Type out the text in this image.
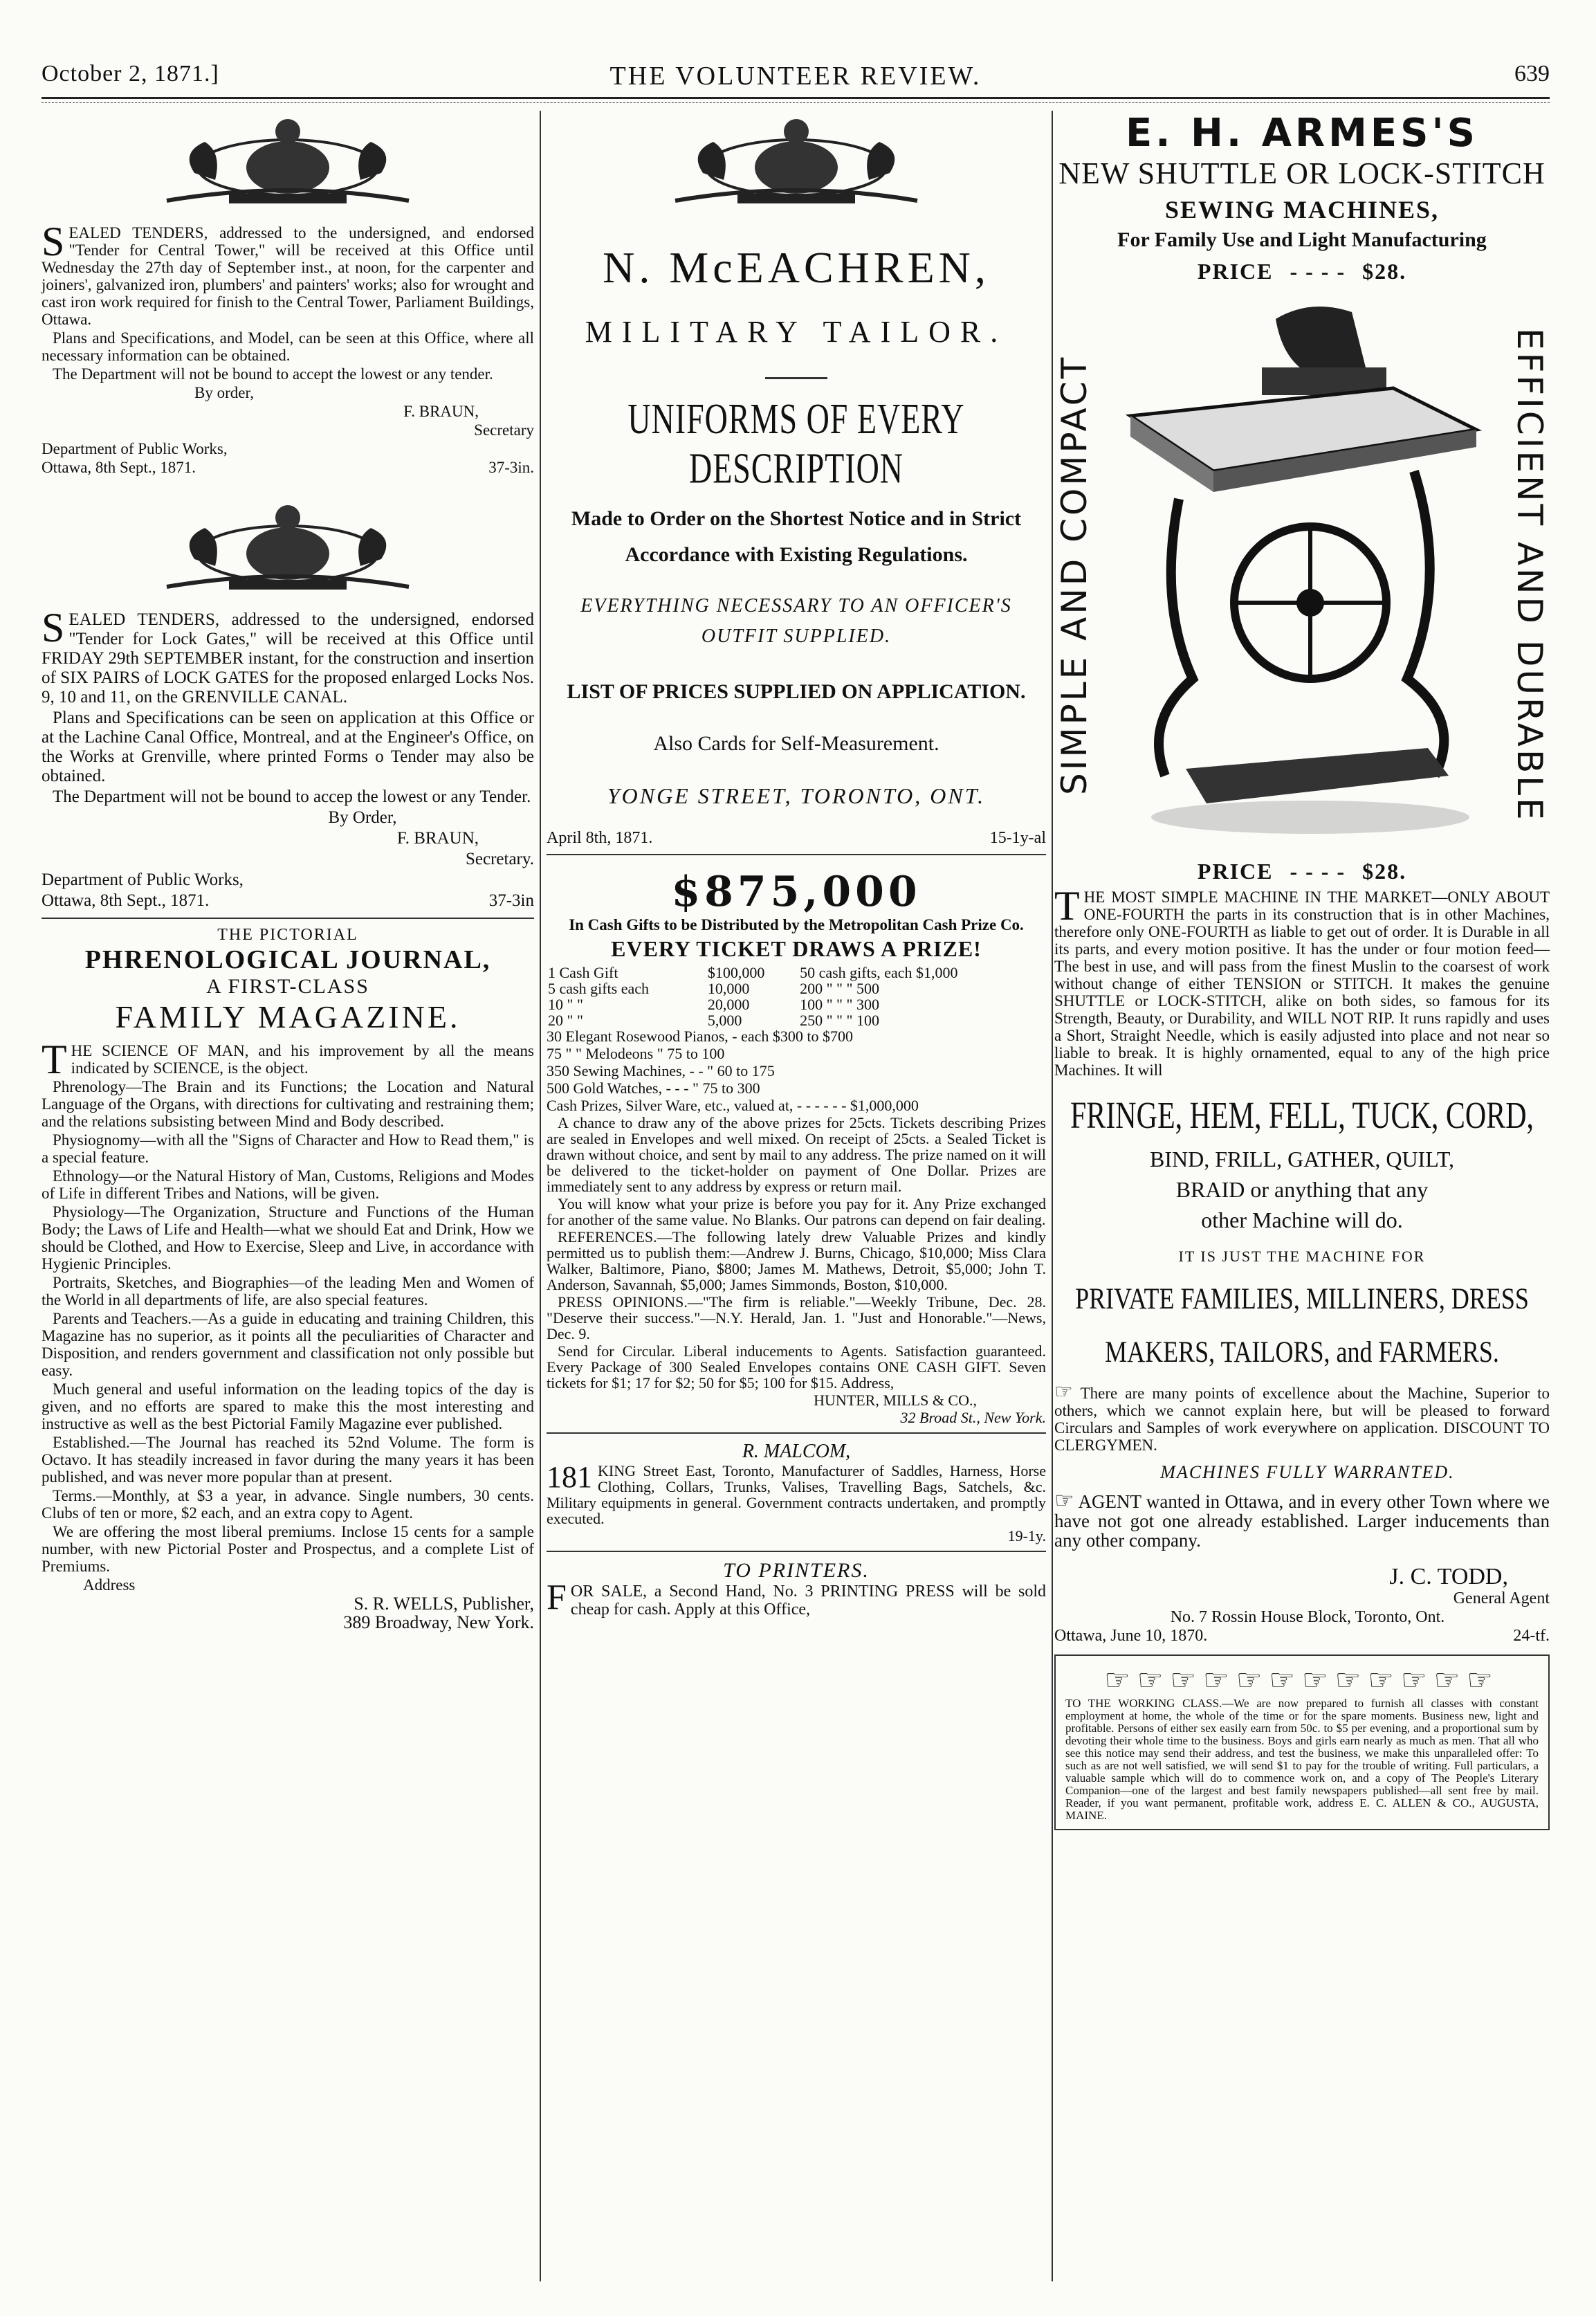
October 2, 1871.]	THE VOLUNTEER REVIEW.	639

SEALED TENDERS, addressed to the undersigned, and endorsed "Tender for Central Tower," will be received at this Office until Wednesday the 27th day of September inst., at noon, for the carpenter and joiners', galvanized iron, plumbers' and painters' works; also for wrought and cast iron work required for finish to the Central Tower, Parliament Buildings, Ottawa.

Plans and Specifications, and Model, can be seen at this Office, where all necessary information can be obtained.

The Department will not be bound to accept the lowest or any tender.

By order,

F. BRAUN,

Secretary

Department of Public Works,

Ottawa, 8th Sept., 1871.	37-3in.

SEALED TENDERS, addressed to the undersigned, endorsed "Tender for Lock Gates," will be received at this Office until FRIDAY 29th SEPTEMBER instant, for the construction and insertion of SIX PAIRS of LOCK GATES for the proposed enlarged Locks Nos. 9, 10 and 11, on the GRENVILLE CANAL.

Plans and Specifications can be seen on application at this Office or at the Lachine Canal Office, Montreal, and at the Engineer's Office, on the Works at Grenville, where printed Forms o Tender may also be obtained.

The Department will not be bound to accep the lowest or any Tender.

By Order,

F. BRAUN,

Secretary.

Department of Public Works,

Ottawa, 8th Sept., 1871.	37-3in

THE PICTORIAL

PHRENOLOGICAL JOURNAL,

A FIRST-CLASS

FAMILY MAGAZINE.

THE SCIENCE OF MAN, and his improvement by all the means indicated by SCIENCE, is the object.

Phrenology—The Brain and its Functions; the Location and Natural Language of the Organs, with directions for cultivating and restraining them; and the relations subsisting between Mind and Body described.

Physiognomy—with all the "Signs of Character and How to Read them," is a special feature.

Ethnology—or the Natural History of Man, Customs, Religions and Modes of Life in different Tribes and Nations, will be given.

Physiology—The Organization, Structure and Functions of the Human Body; the Laws of Life and Health—what we should Eat and Drink, How we should be Clothed, and How to Exercise, Sleep and Live, in accordance with Hygienic Principles.

Portraits, Sketches, and Biographies—of the leading Men and Women of the World in all departments of life, are also special features.

Parents and Teachers.—As a guide in educating and training Children, this Magazine has no superior, as it points all the peculiarities of Character and Disposition, and renders government and classification not only possible but easy.

Much general and useful information on the leading topics of the day is given, and no efforts are spared to make this the most interesting and instructive as well as the best Pictorial Family Magazine ever published.

Established.—The Journal has reached its 52nd Volume. The form is Octavo. It has steadily increased in favor during the many years it has been published, and was never more popular than at present.

Terms.—Monthly, at $3 a year, in advance. Single numbers, 30 cents. Clubs of ten or more, $2 each, and an extra copy to Agent.

We are offering the most liberal premiums. Inclose 15 cents for a sample number, with new Pictorial Poster and Prospectus, and a complete List of Premiums.

Address

S. R. WELLS, Publisher,

389 Broadway, New York.

N. McEACHREN,
MILITARY TAILOR.
UNIFORMS OF EVERY DESCRIPTION
Made to Order on the Shortest Notice and in Strict Accordance with Existing Regulations.
EVERYTHING NECESSARY TO AN OFFICER'S OUTFIT SUPPLIED.
LIST OF PRICES SUPPLIED ON APPLICATION.
Also Cards for Self-Measurement.
YONGE STREET, TORONTO, ONT.
April 8th, 1871.	15-1y-al
$875,000
In Cash Gifts to be Distributed by the Metropolitan Cash Prize Co.
EVERY TICKET DRAWS A PRIZE!
1 Cash Gift	$100,000	50 cash gifts, each $1,000
5 cash gifts each	10,000	200 " " " 500
10 " "	20,000	100 " " " 300
20 " "	5,000	250 " " " 100

30 Elegant Rosewood Pianos, - each $300 to $700

75 " " Melodeons " 75 to 100

350 Sewing Machines, - - " 60 to 175

500 Gold Watches, - - - " 75 to 300

Cash Prizes, Silver Ware, etc., valued at, - - - - - - $1,000,000

A chance to draw any of the above prizes for 25cts. Tickets describing Prizes are sealed in Envelopes and well mixed. On receipt of 25cts. a Sealed Ticket is drawn without choice, and sent by mail to any address. The prize named on it will be delivered to the ticket-holder on payment of One Dollar. Prizes are immediately sent to any address by express or return mail.

You will know what your prize is before you pay for it. Any Prize exchanged for another of the same value. No Blanks. Our patrons can depend on fair dealing.

REFERENCES.—The following lately drew Valuable Prizes and kindly permitted us to publish them:—Andrew J. Burns, Chicago, $10,000; Miss Clara Walker, Baltimore, Piano, $800; James M. Mathews, Detroit, $5,000; John T. Anderson, Savannah, $5,000; James Simmonds, Boston, $10,000.

PRESS OPINIONS.—"The firm is reliable."—Weekly Tribune, Dec. 28. "Deserve their success."—N.Y. Herald, Jan. 1. "Just and Honorable."—News, Dec. 9.

Send for Circular. Liberal inducements to Agents. Satisfaction guaranteed. Every Package of 300 Sealed Envelopes contains ONE CASH GIFT. Seven tickets for $1; 17 for $2; 50 for $5; 100 for $15. Address,

HUNTER, MILLS & CO.,

32 Broad St., New York.

R. MALCOM,

181 KING Street East, Toronto, Manufacturer of Saddles, Harness, Horse Clothing, Collars, Trunks, Valises, Travelling Bags, Satchels, &c. Military equipments in general. Government contracts undertaken, and promptly executed.

19-1y.

TO PRINTERS.

FOR SALE, a Second Hand, No. 3 PRINTING PRESS will be sold cheap for cash. Apply at this Office,

E. H. ARMES'S
NEW SHUTTLE OR LOCK-STITCH
SEWING MACHINES,
For Family Use and Light Manufacturing
PRICE - - - - $28.
SIMPLE AND COMPACT	EFFICIENT AND DURABLE
PRICE - - - - $28.

THE MOST SIMPLE MACHINE IN THE MARKET—ONLY ABOUT ONE-FOURTH the parts in its construction that is in other Machines, therefore only ONE-FOURTH as liable to get out of order. It is Durable in all its parts, and every motion positive. It has the under or four motion feed—The best in use, and will pass from the finest Muslin to the coarsest of work without change of either TENSION or STITCH. It makes the genuine SHUTTLE or LOCK-STITCH, alike on both sides, so famous for its Strength, Beauty, or Durability, and WILL NOT RIP. It runs rapidly and uses a Short, Straight Needle, which is easily adjusted into place and not near so liable to break. It is highly ornamented, equal to any of the high price Machines. It will

FRINGE, HEM, FELL, TUCK, CORD,
BIND, FRILL, GATHER, QUILT,
BRAID or anything that any
other Machine will do.
IT IS JUST THE MACHINE FOR
PRIVATE FAMILIES, MILLINERS, DRESS
MAKERS, TAILORS, and FARMERS.

☞ There are many points of excellence about the Machine, Superior to others, which we cannot explain here, but will be pleased to forward Circulars and Samples of work everywhere on application. DISCOUNT TO CLERGYMEN.

MACHINES FULLY WARRANTED.

☞ AGENT wanted in Ottawa, and in every other Town where we have not got one already established. Larger inducements than any other company.

J. C. TODD,

General Agent

No. 7 Rossin House Block, Toronto, Ont.

Ottawa, June 10, 1870.	24-tf.
☞☞☞☞☞☞☞☞☞☞☞☞

TO THE WORKING CLASS.—We are now prepared to furnish all classes with constant employment at home, the whole of the time or for the spare moments. Business new, light and profitable. Persons of either sex easily earn from 50c. to $5 per evening, and a proportional sum by devoting their whole time to the business. Boys and girls earn nearly as much as men. That all who see this notice may send their address, and test the business, we make this unparalleled offer: To such as are not well satisfied, we will send $1 to pay for the trouble of writing. Full particulars, a valuable sample which will do to commence work on, and a copy of The People's Literary Companion—one of the largest and best family newspapers published—all sent free by mail. Reader, if you want permanent, profitable work, address E. C. ALLEN & CO., AUGUSTA, MAINE.
